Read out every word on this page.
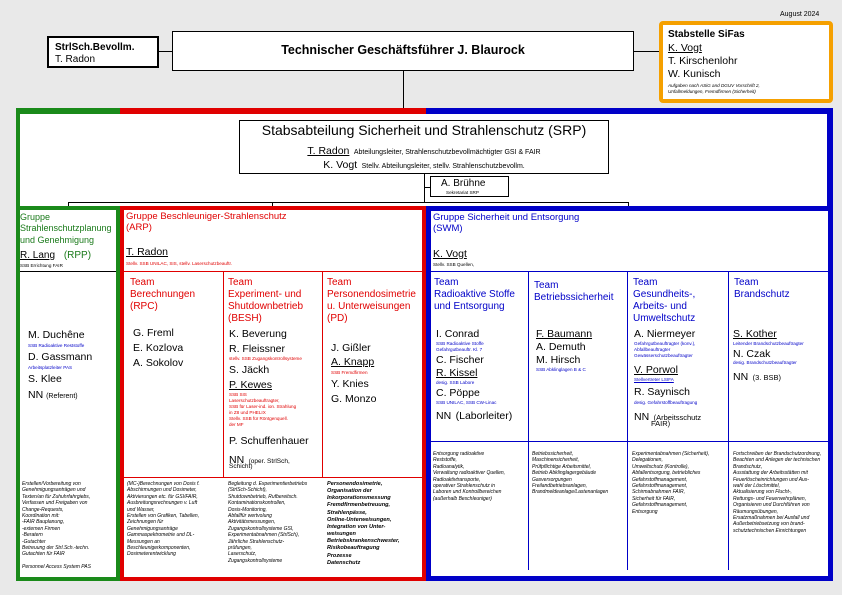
August 2024
StrlSch.Bevollm.
T. Radon
Technischer Geschäftsführer J. Blaurock
Stabstelle SiFas
K. Vogt
T. Kirschenlohr
W. Kunisch
Aufgaben nach ASiG and DGUV Vorschrift 2,
Unfallmeldungen, Fremdfirmen (Sicherheit)
Stabsabteilung Sicherheit und Strahlenschutz (SRP)
T. Radon Abteilungsleiter, Strahlenschutzbevollmächtigter GSI & FAIR
K. Vogt Stellv. Abteilungsleiter, stellv. Strahlenschutzbevollm.
A. Brühne
Sekretariat SRP
Gruppe Strahlenschutzplanung und Genehmigung
R. Lang (RPP)
SSB Errichtung FAIR
M. Duchêne
SSB Radioaktive Reststoffe
D. Gassmann
Arbeitsplatzleiter PAS
S. Klee
NN (Referent)
Erstellen/Vorbereitung von
Genehmigungsanträgen und
Texten/an für Zuhuhrfahrgiebs,
Verfassen und Freigaben von
Change-Requests,
Koordination mit:
-FAIR Bauplanung,
-externen Firmen
-Beratern
-Gutachter
Betreuung der Strl.Sch.-techn.
Gutachten für FAIR

Personnel Access System PAS
Gruppe Beschleuniger-Strahlenschutz
(ARP)
T. Radon
Stellv. SSB UNILAC, SIS, stellv. Laserschutzbeauftr.
Team
Berechnungen
(RPC)
G. Freml
E. Kozlova
A. Sokolov
(MC-)Berechnungen von Dosis f.
Abschirmungen und Dosimeter,
Aktivierungen etc. für GSI/FAIR,
Ausbreitungsrechnungen v. Luft
und Wasser,
Erstellen von Grafiken, Tabellen,
Zeichnungen für
Genehmigungsanträge
Gammaspektrometrie und DL-
Messungen an
Beschleunigerkomponenten,
Dosimeterentwicklung
Team
Experiment- und
Shutdownbetrieb
(BESH)
K. Beverung
R. Fleissner
stellv. SSB Zugangskontrollsysteme
S. Jäckh
P. Kewes
SSB SIS
Laserschutzbeauftragter,
SSB für Laser-ind. ion. Strahlung
in Z8 und PHELIX
Stellv. SSB für Röntgenquell.
der MF
P. Schuffenhauer
NN (oper. StrlSch,
Schicht)
Begleitung d. Experimentierbetriebs
(StrlSch-Schicht),
Shutdownbetrieb, Rufbereitsch.
Kontaminationskontrollen,
Dosis-Monitoring,
Abfallfür wertvolung
Aktivitätsmessungen,
Zugangskontrollsysteme GSI,
Experimentabnahmen (StrlSch),
Jährliche Strahlenschutz-
prüfungen,
Laserschutz,
Zugangskontrollsysteme
Team
Personendosimetrie
u. Unterweisungen
(PD)
J. Gißler
A. Knapp
SSB Fremdfirmen
Y. Knies
G. Monzo
Personendosimetrie,
Organisation der
Inkorporationsmessung
Fremdfirmenbetreuung,
Strahlenpässe,
Online-Unterweisungen,
Integration von Unter-
weisungen
Betriebskrankenschwester,
Risikobeauftragung
Prozesse
Datenschutz
Gruppe Sicherheit und Entsorgung
(SWM)
K. Vogt
Stellv. SSB Quellen,
Team
Radioaktive Stoffe
und Entsorgung
I. Conrad
SSB Radioaktive Stoffe
Gefahrgutbeauftr. Kl. 7
C. Fischer
R. Kissel
desig. SSB Labore
C. Pöppe
SSB UNILAC, SSB CW-Linac
NN (Laborleiter)
Entsorgung radioaktive
Reststoffe,
Radioanalytik,
Verwaltung radioaktiver Quellen,
Radioaktivtransporte,
operativer Strahlenschutz in
Laboren und Kontrollbereichen
(außerhalb Beschleuniger)
Team
Betriebssicherheit
F. Baumann
A. Demuth
M. Hirsch
SSB Abklinglagen B & C
Betriebssicherheit,
Maschinensicherheit,
Prüfpflichtige Arbeitsmittel,
Betrieb Abklinglagergebäude
Gasversorgungen
Freilandbetriebsanlagen,
Brandmeldeanlage/Lastenanlagen
Team
Gesundheits-,
Arbeits- und
Umweltschutz
A. Niermeyer
Gefahrgutbeauftragter (konv.),
Abfallbeauftragter
Gewässerschutzbeauftragter
V. Porwol
Stellvertreter LSIFA
R. Saynisch
desig. Gefahrstoffbeauftragung
NN (Arbeitsschutz
FAIR)
Experimentabnahmen (Sicherheit),
Delegationen,
Umweltschutz (Kontrolle),
Abfallentsorgung, betriebliches
Gefahrstoffmanagement,
Gefahrstoffmanagement,
Schirmabnahmen FAIR,
Sicherheit für FAIR,
Gefahrstoffmanagement,
Entsorgung
Team
Brandschutz
S. Kother
Leitender Brandschutzbeauftragter
N. Czak
desig. Brandschutzbeauftragter
NN (3. BSB)
Fortschreiben der Brandschutzordnung,
Beachten und Anlegen der technischen
Brandschutz,
Ausstattung der Arbeitsstätten mit
Feuerlöscheinrichtungen und Aus-
wahl der Löschmittel,
Aktualisierung von Flucht-,
Rettungs- und Feuerwehrplänen,
Organisieren und Durchführen von
Räumungsübungen,
Ersatzmaßnahmen bei Ausfall und
Außerbetriebsetzung von brand-
schutztechnischen Einrichtungen
